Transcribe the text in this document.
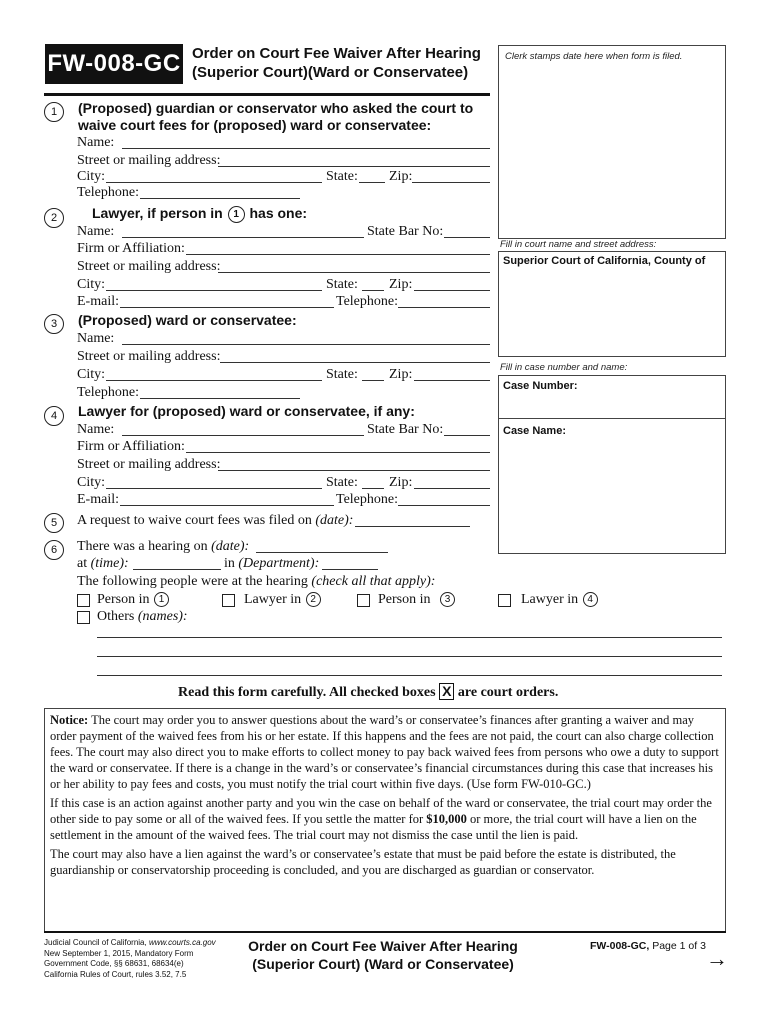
FW-008-GC Order on Court Fee Waiver After Hearing
(Superior Court)(Ward or Conservatee)
Clerk stamps date here when form is filed.
Fill in court name and street address:
Superior Court of California, County of
Fill in case number and name:
Case Number:
Case Name:
1	(Proposed) guardian or conservator who asked the court to
waive court fees for (proposed) ward or conservatee:
Name:
Street or mailing address:
City:	State: Zip:
Telephone:
2	Lawyer, if person in 1 has one:
Name:	State Bar No:
Firm or Affiliation:
Street or mailing address:
City:	State: Zip:
E-mail:	Telephone:
3	(Proposed) ward or conservatee:
Name:
Street or mailing address:
City:	State: Zip:
Telephone:
4	Lawyer for (proposed) ward or conservatee, if any:
Name:	State Bar No:
Firm or Affiliation:
Street or mailing address:
City:	State: Zip:
E-mail:	Telephone:
5	A request to waive court fees was filed on (date):
6	There was a hearing on (date):
at (time):	in (Department):
The following people were at the hearing (check all that apply):
Person in 1	Lawyer in 2	Person in 3	Lawyer in 4
Others (names):
Read this form carefully. All checked boxes X are court orders.

Notice: The court may order you to answer questions about the ward’s or conservatee’s finances after granting a waiver and may order payment of the waived fees from his or her estate. If this happens and the fees are not paid, the court can also charge collection fees. The court may also direct you to make efforts to collect money to pay back waived fees from persons who owe a duty to support the ward or conservatee. If there is a change in the ward’s or conservatee’s financial circumstances during this case that increases his or her ability to pay fees and costs, you must notify the trial court within five days. (Use form FW-010-GC.)

If this case is an action against another party and you win the case on behalf of the ward or conservatee, the trial court may order the other side to pay some or all of the waived fees. If you settle the matter for $10,000 or more, the trial court will have a lien on the settlement in the amount of the waived fees. The trial court may not dismiss the case until the lien is paid.

The court may also have a lien against the ward’s or conservatee’s estate that must be paid before the estate is distributed, the guardianship or conservatorship proceeding is concluded, and you are discharged as guardian or conservator.

Judicial Council of California, www.courts.ca.gov
New September 1, 2015, Mandatory Form
Government Code, §§ 68631, 68634(e)
California Rules of Court, rules 3.52, 7.5
Order on Court Fee Waiver After Hearing
(Superior Court) (Ward or Conservatee)
FW-008-GC, Page 1 of 3 →
